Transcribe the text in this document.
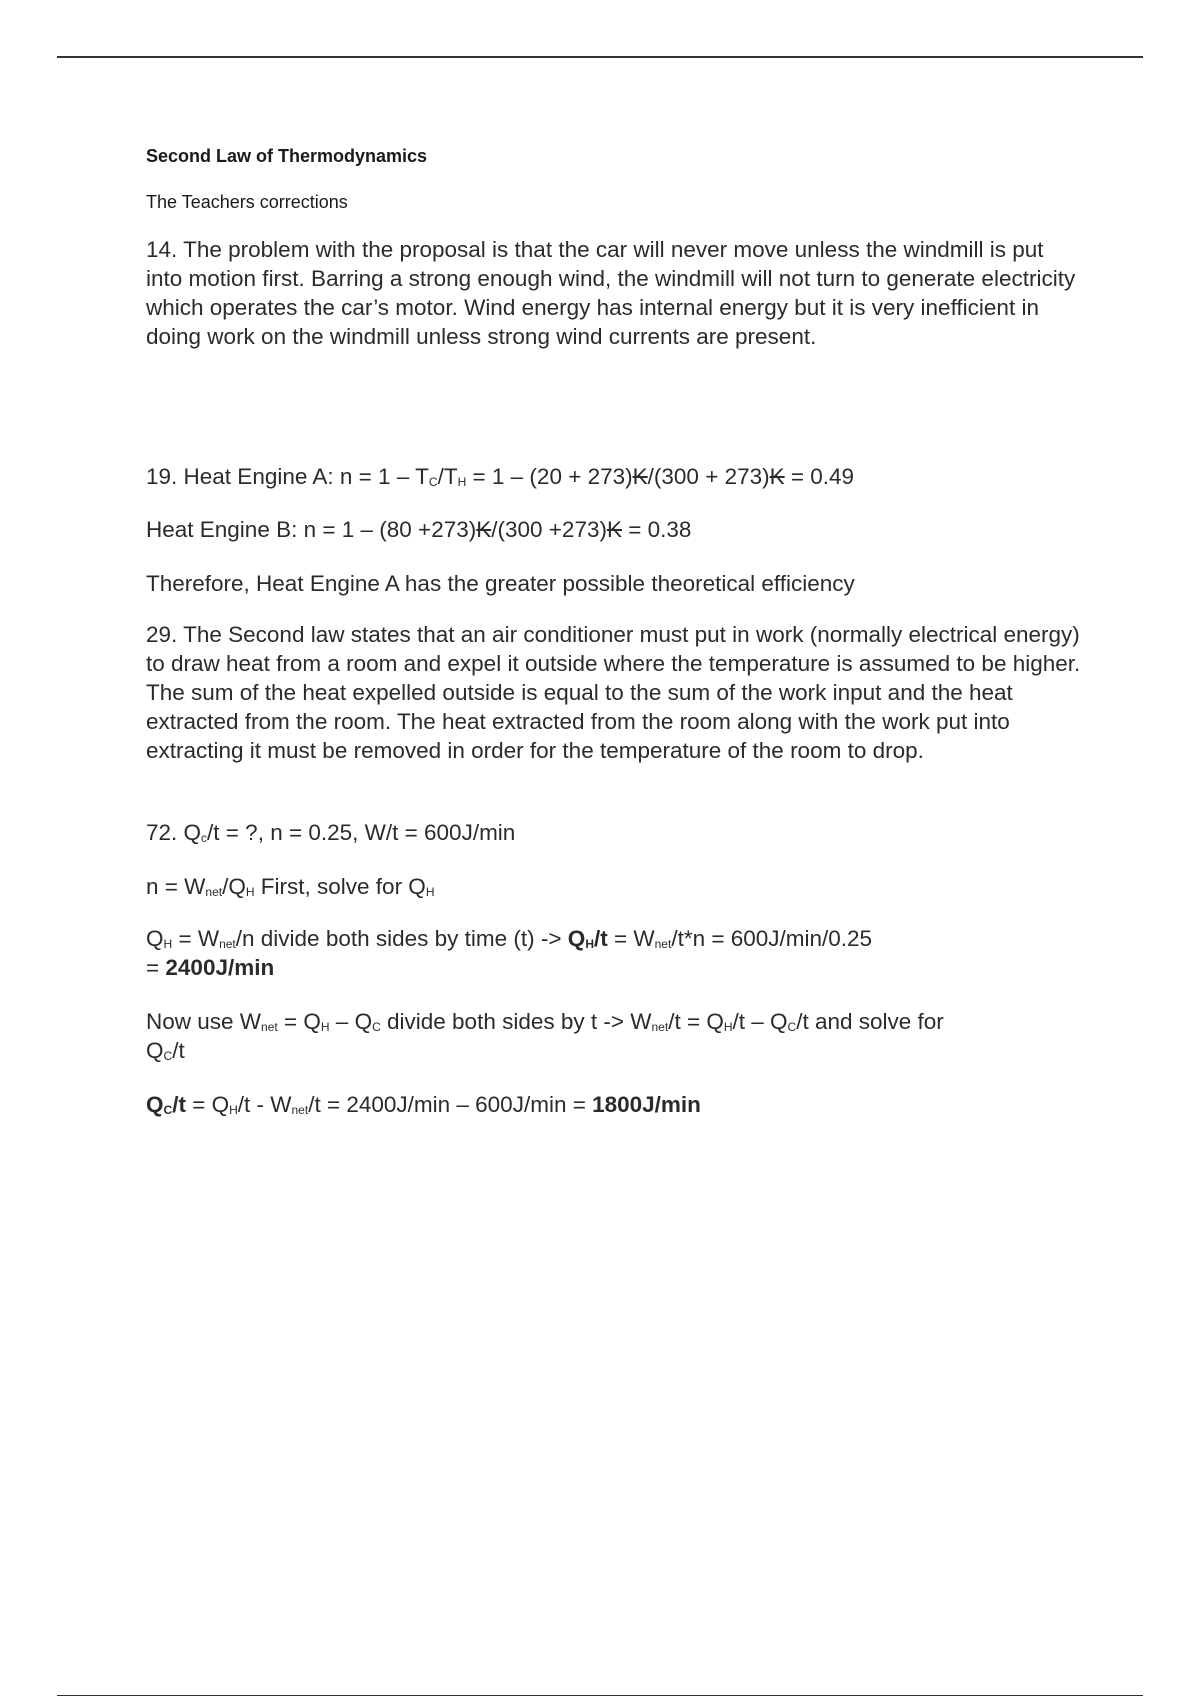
Second Law of Thermodynamics
The Teachers corrections
14. The problem with the proposal is that the car will never move unless the windmill is put into motion first. Barring a strong enough wind, the windmill will not turn to generate electricity which operates the car’s motor. Wind energy has internal energy but it is very inefficient in doing work on the windmill unless strong wind currents are present.
19. Heat Engine A: $n = 1 - T_C/T_H = 1 - (20 + 273)K/(300 + 273)K = 0.49$
Heat Engine B: n = 1 – (80 +273)K/(300 +273)K = 0.38
Therefore, Heat Engine A has the greater possible theoretical efficiency
29. The Second law states that an air conditioner must put in work (normally electrical energy) to draw heat from a room and expel it outside where the temperature is assumed to be higher. The sum of the heat expelled outside is equal to the sum of the work input and the heat extracted from the room. The heat extracted from the room along with the work put into extracting it must be removed in order for the temperature of the room to drop.
72. $Q_c/t$ = ?, n = 0.25, W/t = 600J/min
$n = W_{net}/Q_H$ First, solve for $Q_H$
$Q_H = W_{net}/n$ divide both sides by time $(t) -> Q_H/t = W_{net}/t*n = 600J/\min/0.25$
= 2400J/min
Now use $W_{net} = Q_H - Q_C$ divide both sides by $t -> W_{net}/t = Q_H/t - Q_C/t$ and solve for
$Q_C/t$
$Q_C/t = Q_H/t - W_{net}/t = 2400J/\min - 600J/\min = 1800J/\min$
